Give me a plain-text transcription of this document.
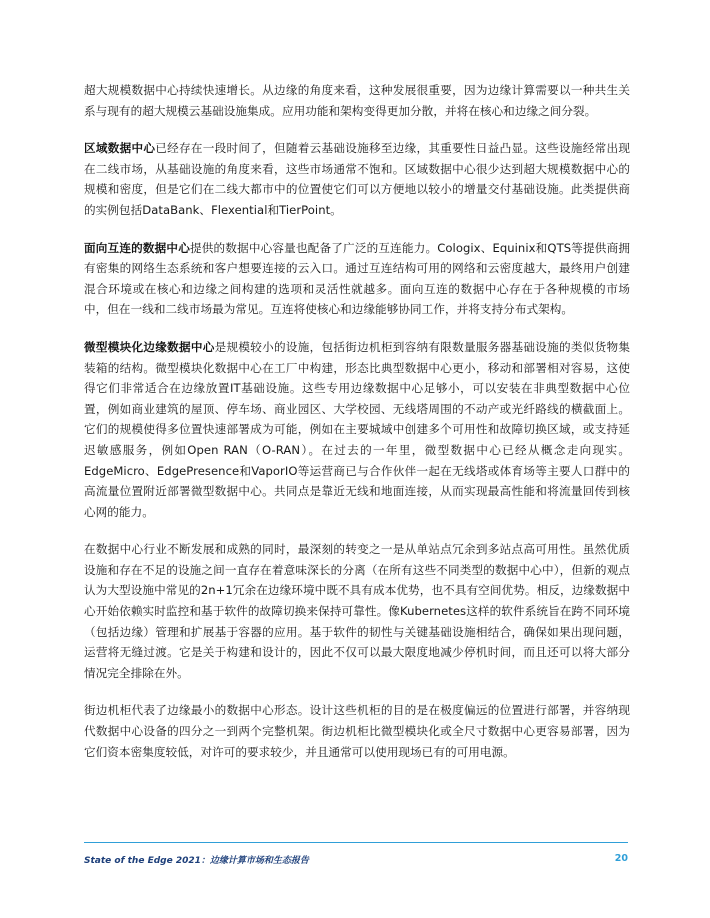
超大规模数据中心持续快速增长。从边缘的角度来看，这种发展很重要，因为边缘计算需要以一种共生关系与现有的超大规模云基础设施集成。应用功能和架构变得更加分散，并将在核心和边缘之间分裂。

区域数据中心已经存在一段时间了，但随着云基础设施移至边缘，其重要性日益凸显。这些设施经常出现在二线市场，从基础设施的角度来看，这些市场通常不饱和。区域数据中心很少达到超大规模数据中心的规模和密度，但是它们在二线大都市中的位置使它们可以方便地以较小的增量交付基础设施。此类提供商的实例包括DataBank、Flexential和TierPoint。

面向互连的数据中心提供的数据中心容量也配备了广泛的互连能力。Cologix、Equinix和QTS等提供商拥有密集的网络生态系统和客户想要连接的云入口。通过互连结构可用的网络和云密度越大，最终用户创建混合环境或在核心和边缘之间构建的选项和灵活性就越多。面向互连的数据中心存在于各种规模的市场中，但在一线和二线市场最为常见。互连将使核心和边缘能够协同工作，并将支持分布式架构。

微型模块化边缘数据中心是规模较小的设施，包括街边机柜到容纳有限数量服务器基础设施的类似货物集装箱的结构。微型模块化数据中心在工厂中构建，形态比典型数据中心更小，移动和部署相对容易，这使得它们非常适合在边缘放置IT基础设施。这些专用边缘数据中心足够小，可以安装在非典型数据中心位置，例如商业建筑的屋顶、停车场、商业园区、大学校园、无线塔周围的不动产或光纤路线的横截面上。它们的规模使得多位置快速部署成为可能，例如在主要城域中创建多个可用性和故障切换区域，或支持延迟敏感服务，例如Open RAN（O-RAN）。在过去的一年里，微型数据中心已经从概念走向现实。EdgeMicro、EdgePresence和VaporIO等运营商已与合作伙伴一起在无线塔或体育场等主要人口群中的高流量位置附近部署微型数据中心。共同点是靠近无线和地面连接，从而实现最高性能和将流量回传到核心网的能力。

在数据中心行业不断发展和成熟的同时，最深刻的转变之一是从单站点冗余到多站点高可用性。虽然优质设施和存在不足的设施之间一直存在着意味深长的分离（在所有这些不同类型的数据中心中），但新的观点认为大型设施中常见的2n+1冗余在边缘环境中既不具有成本优势，也不具有空间优势。相反，边缘数据中心开始依赖实时监控和基于软件的故障切换来保持可靠性。像Kubernetes这样的软件系统旨在跨不同环境（包括边缘）管理和扩展基于容器的应用。基于软件的韧性与关键基础设施相结合，确保如果出现问题，运营将无缝过渡。它是关于构建和设计的，因此不仅可以最大限度地减少停机时间，而且还可以将大部分情况完全排除在外。

街边机柜代表了边缘最小的数据中心形态。设计这些机柜的目的是在极度偏远的位置进行部署，并容纳现代数据中心设备的四分之一到两个完整机架。街边机柜比微型模块化或全尺寸数据中心更容易部署，因为它们资本密集度较低，对许可的要求较少，并且通常可以使用现场已有的可用电源。

State of the Edge 2021：边缘计算市场和生态报告	20
